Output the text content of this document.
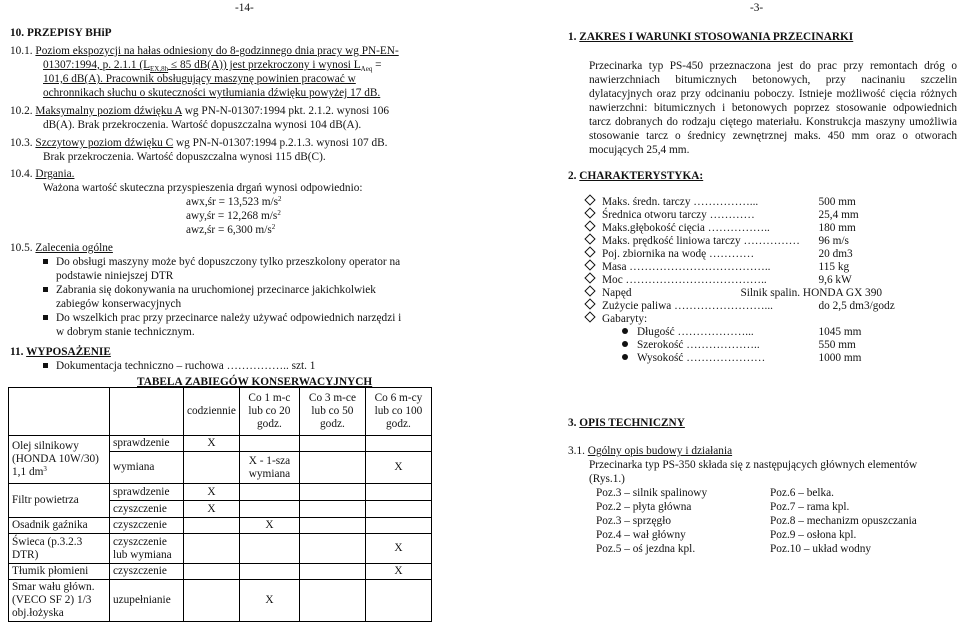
-14-
10. PRZEPISY BHiP
10.1. Poziom ekspozycji na hałas odniesiony do 8-godzinnego dnia pracy wg PN-EN-
01307:1994, p. 2.1.1 ($L_{EX,8h} \le 85$ dB(A)) jest przekroczony i wynosi $L_{Aeq}$ =
101,6 dB(A). Pracownik obsługujący maszynę powinien pracować w
ochronnikach słuchu o skuteczności wytłumiania dźwięku powyżej 17 dB.
10.2. Maksymalny poziom dźwięku A wg PN-N-01307:1994 pkt. 2.1.2. wynosi 106
dB(A). Brak przekroczenia. Wartość dopuszczalna wynosi 104 dB(A).
10.3. Szczytowy poziom dźwięku C wg PN-N-01307:1994 p.2.1.3. wynosi 107 dB.
Brak przekroczenia. Wartość dopuszczalna wynosi 115 dB(C).
10.4. Drgania.
Ważona wartość skuteczna przyspieszenia drgań wynosi odpowiednio:
awx,śr = 13,523 $m/s^2$
awy,śr = 12,268 $m/s^2$
awz,śr = 6,300 $m/s^2$
10.5. Zalecenia ogólne
Do obsługi maszyny może być dopuszczony tylko przeszkolony operator na
podstawie niniejszej DTR
Zabrania się dokonywania na uruchomionej przecinarce jakichkolwiek
zabiegów konserwacyjnych
Do wszelkich prac przy przecinarce należy używać odpowiednich narzędzi i
w dobrym stanie technicznym.
11. WYPOSAŻENIE
Dokumentacja techniczno – ruchowa …………….. szt. 1
TABELA ZABIEGÓW KONSERWACYJNYCH
		codziennie	Co 1 m-c lub co 20 godz.	Co 3 m-ce lub co 50 godz.	Co 6 m-cy lub co 100 godz.
Olej silnikowy (HONDA 10W/30)
1,1 $dm^3$	sprawdzenie	X			
	wymiana		X - 1-sza wymiana		X
Filtr powietrza	sprawdzenie	X			
	czyszczenie	X			
Osadnik gaźnika	czyszczenie		X		
Świeca (p.3.2.3 DTR)	czyszczenie lub wymiana				X
Tłumik płomieni	czyszczenie				X
Smar wału główn. (VECO SF 2) 1/3 obj.łożyska	uzupełnianie		X		
-3-
1. ZAKRES I WARUNKI STOSOWANIA PRZECINARKI
Przecinarka typ PS-450 przeznaczona jest do prac przy remontach dróg o nawierzchniach bitumicznych betonowych, przy nacinaniu szczelin dylatacyjnych oraz przy odcinaniu poboczy. Istnieje możliwość cięcia różnych nawierzchni: bitumicznych i betonowych poprzez stosowanie odpowiednich tarcz dobranych do rodzaju ciętego materiału. Konstrukcja maszyny umożliwia stosowanie tarcz o średnicy zewnętrznej maks. 450 mm oraz o otworach mocujących 25,4 mm.
2. CHARAKTERYSTYKA:
Maks. średn. tarczy ……………...	500 mm
Średnica otworu tarczy …………	25,4 mm
Maks.głębokość cięcia ……………..	180 mm
Maks. prędkość liniowa tarczy ……………	96 m/s
Poj. zbiornika na wodę …………	20 dm3
Masa ………………………………..	115 kg
Moc ………………………………..	9,6 kW
Napęd	Silnik spalin. HONDA GX 390
Zużycie paliwa ……………………...	do 2,5 dm3/godz
Gabaryty:	
Długość ………………...	1045 mm
Szerokość ………………..	550 mm
Wysokość …………………	1000 mm
3. OPIS TECHNICZNY
3.1. Ogólny opis budowy i działania
Przecinarka typ PS-350 składa się z następujących głównych elementów
(Rys.1.)
Poz.3 – silnik spalinowy
Poz.2 – płyta główna
Poz.3 – sprzęgło
Poz.4 – wał główny
Poz.5 – oś jezdna kpl.
Poz.6 – belka.
Poz.7 – rama kpl.
Poz.8 – mechanizm opuszczania
Poz.9 – osłona kpl.
Poz.10 – układ wodny
